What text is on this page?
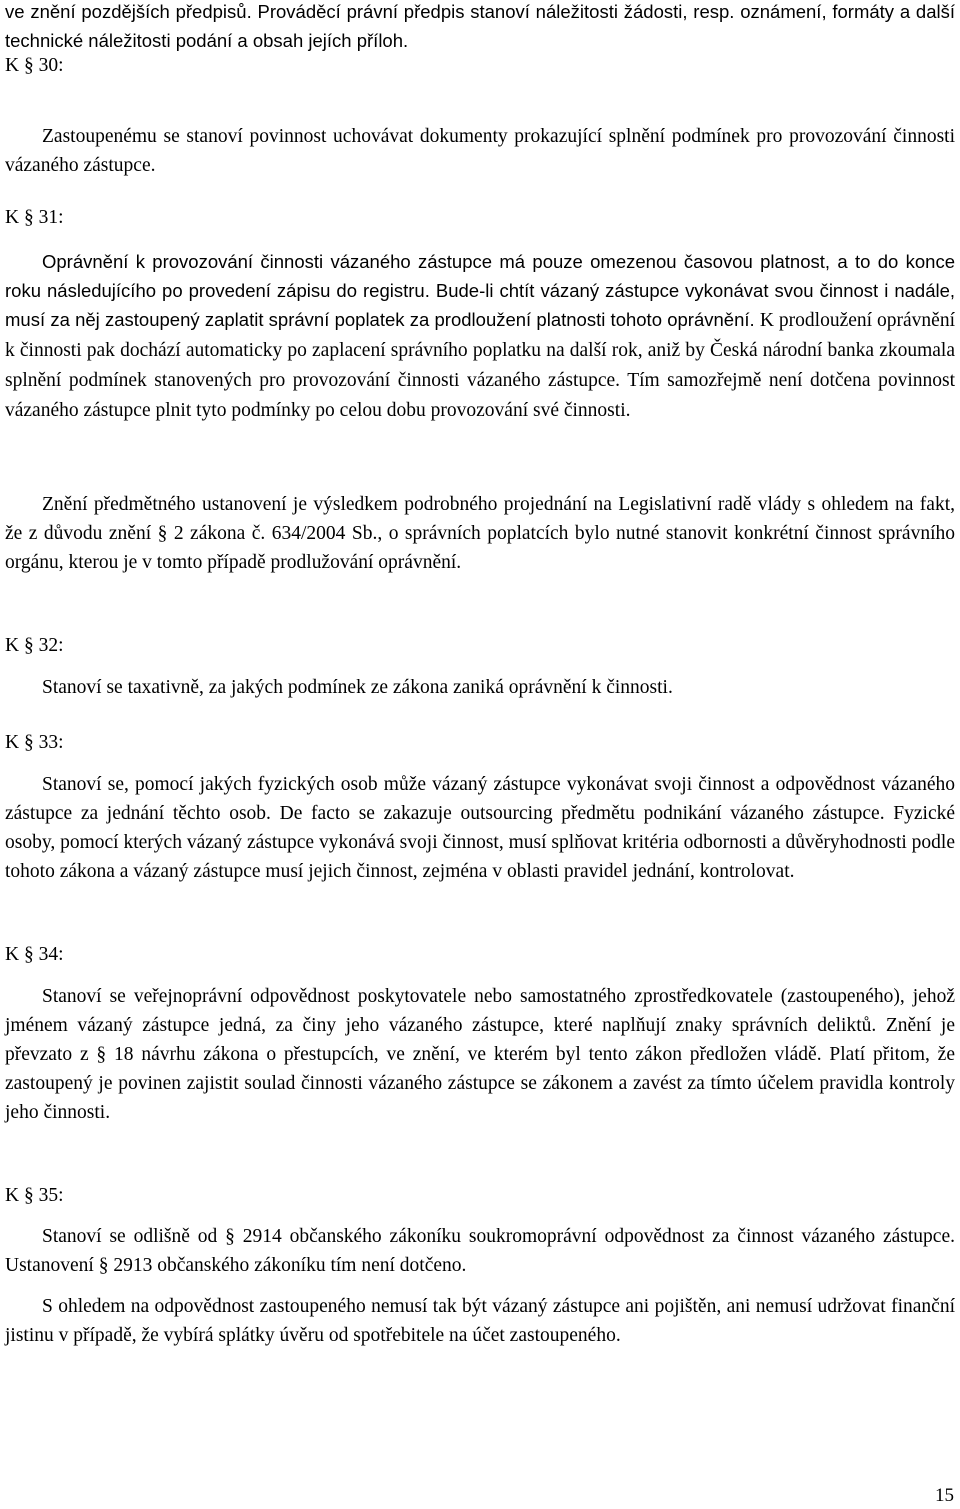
ve znění pozdějších předpisů. Prováděcí právní předpis stanoví náležitosti žádosti, resp. oznámení, formáty a další technické náležitosti podání a obsah jejích příloh.

K § 30:

Zastoupenému se stanoví povinnost uchovávat dokumenty prokazující splnění podmínek pro provozování činnosti vázaného zástupce.

K § 31:

Oprávnění k provozování činnosti vázaného zástupce má pouze omezenou časovou platnost, a to do konce roku následujícího po provedení zápisu do registru. Bude-li chtít vázaný zástupce vykonávat svou činnost i nadále, musí za něj zastoupený zaplatit správní poplatek za prodloužení platnosti tohoto oprávnění. K prodloužení oprávnění k činnosti pak dochází automaticky po zaplacení správního poplatku na další rok, aniž by Česká národní banka zkoumala splnění podmínek stanovených pro provozování činnosti vázaného zástupce. Tím samozřejmě není dotčena povinnost vázaného zástupce plnit tyto podmínky po celou dobu provozování své činnosti.

Znění předmětného ustanovení je výsledkem podrobného projednání na Legislativní radě vlády s ohledem na fakt, že z důvodu znění § 2 zákona č. 634/2004 Sb., o správních poplatcích bylo nutné stanovit konkrétní činnost správního orgánu, kterou je v tomto případě prodlužování oprávnění.

K § 32:

Stanoví se taxativně, za jakých podmínek ze zákona zaniká oprávnění k činnosti.

K § 33:

Stanoví se, pomocí jakých fyzických osob může vázaný zástupce vykonávat svoji činnost a odpovědnost vázaného zástupce za jednání těchto osob. De facto se zakazuje outsourcing předmětu podnikání vázaného zástupce. Fyzické osoby, pomocí kterých vázaný zástupce vykonává svoji činnost, musí splňovat kritéria odbornosti a důvěryhodnosti podle tohoto zákona a vázaný zástupce musí jejich činnost, zejména v oblasti pravidel jednání, kontrolovat.

K § 34:

Stanoví se veřejnoprávní odpovědnost poskytovatele nebo samostatného zprostředkovatele (zastoupeného), jehož jménem vázaný zástupce jedná, za činy jeho vázaného zástupce, které naplňují znaky správních deliktů. Znění je převzato z § 18 návrhu zákona o přestupcích, ve znění, ve kterém byl tento zákon předložen vládě. Platí přitom, že zastoupený je povinen zajistit soulad činnosti vázaného zástupce se zákonem a zavést za tímto účelem pravidla kontroly jeho činnosti.

K § 35:

Stanoví se odlišně od § 2914 občanského zákoníku soukromoprávní odpovědnost za činnost vázaného zástupce. Ustanovení § 2913 občanského zákoníku tím není dotčeno.

S ohledem na odpovědnost zastoupeného nemusí tak být vázaný zástupce ani pojištěn, ani nemusí udržovat finanční jistinu v případě, že vybírá splátky úvěru od spotřebitele na účet zastoupeného.

15
